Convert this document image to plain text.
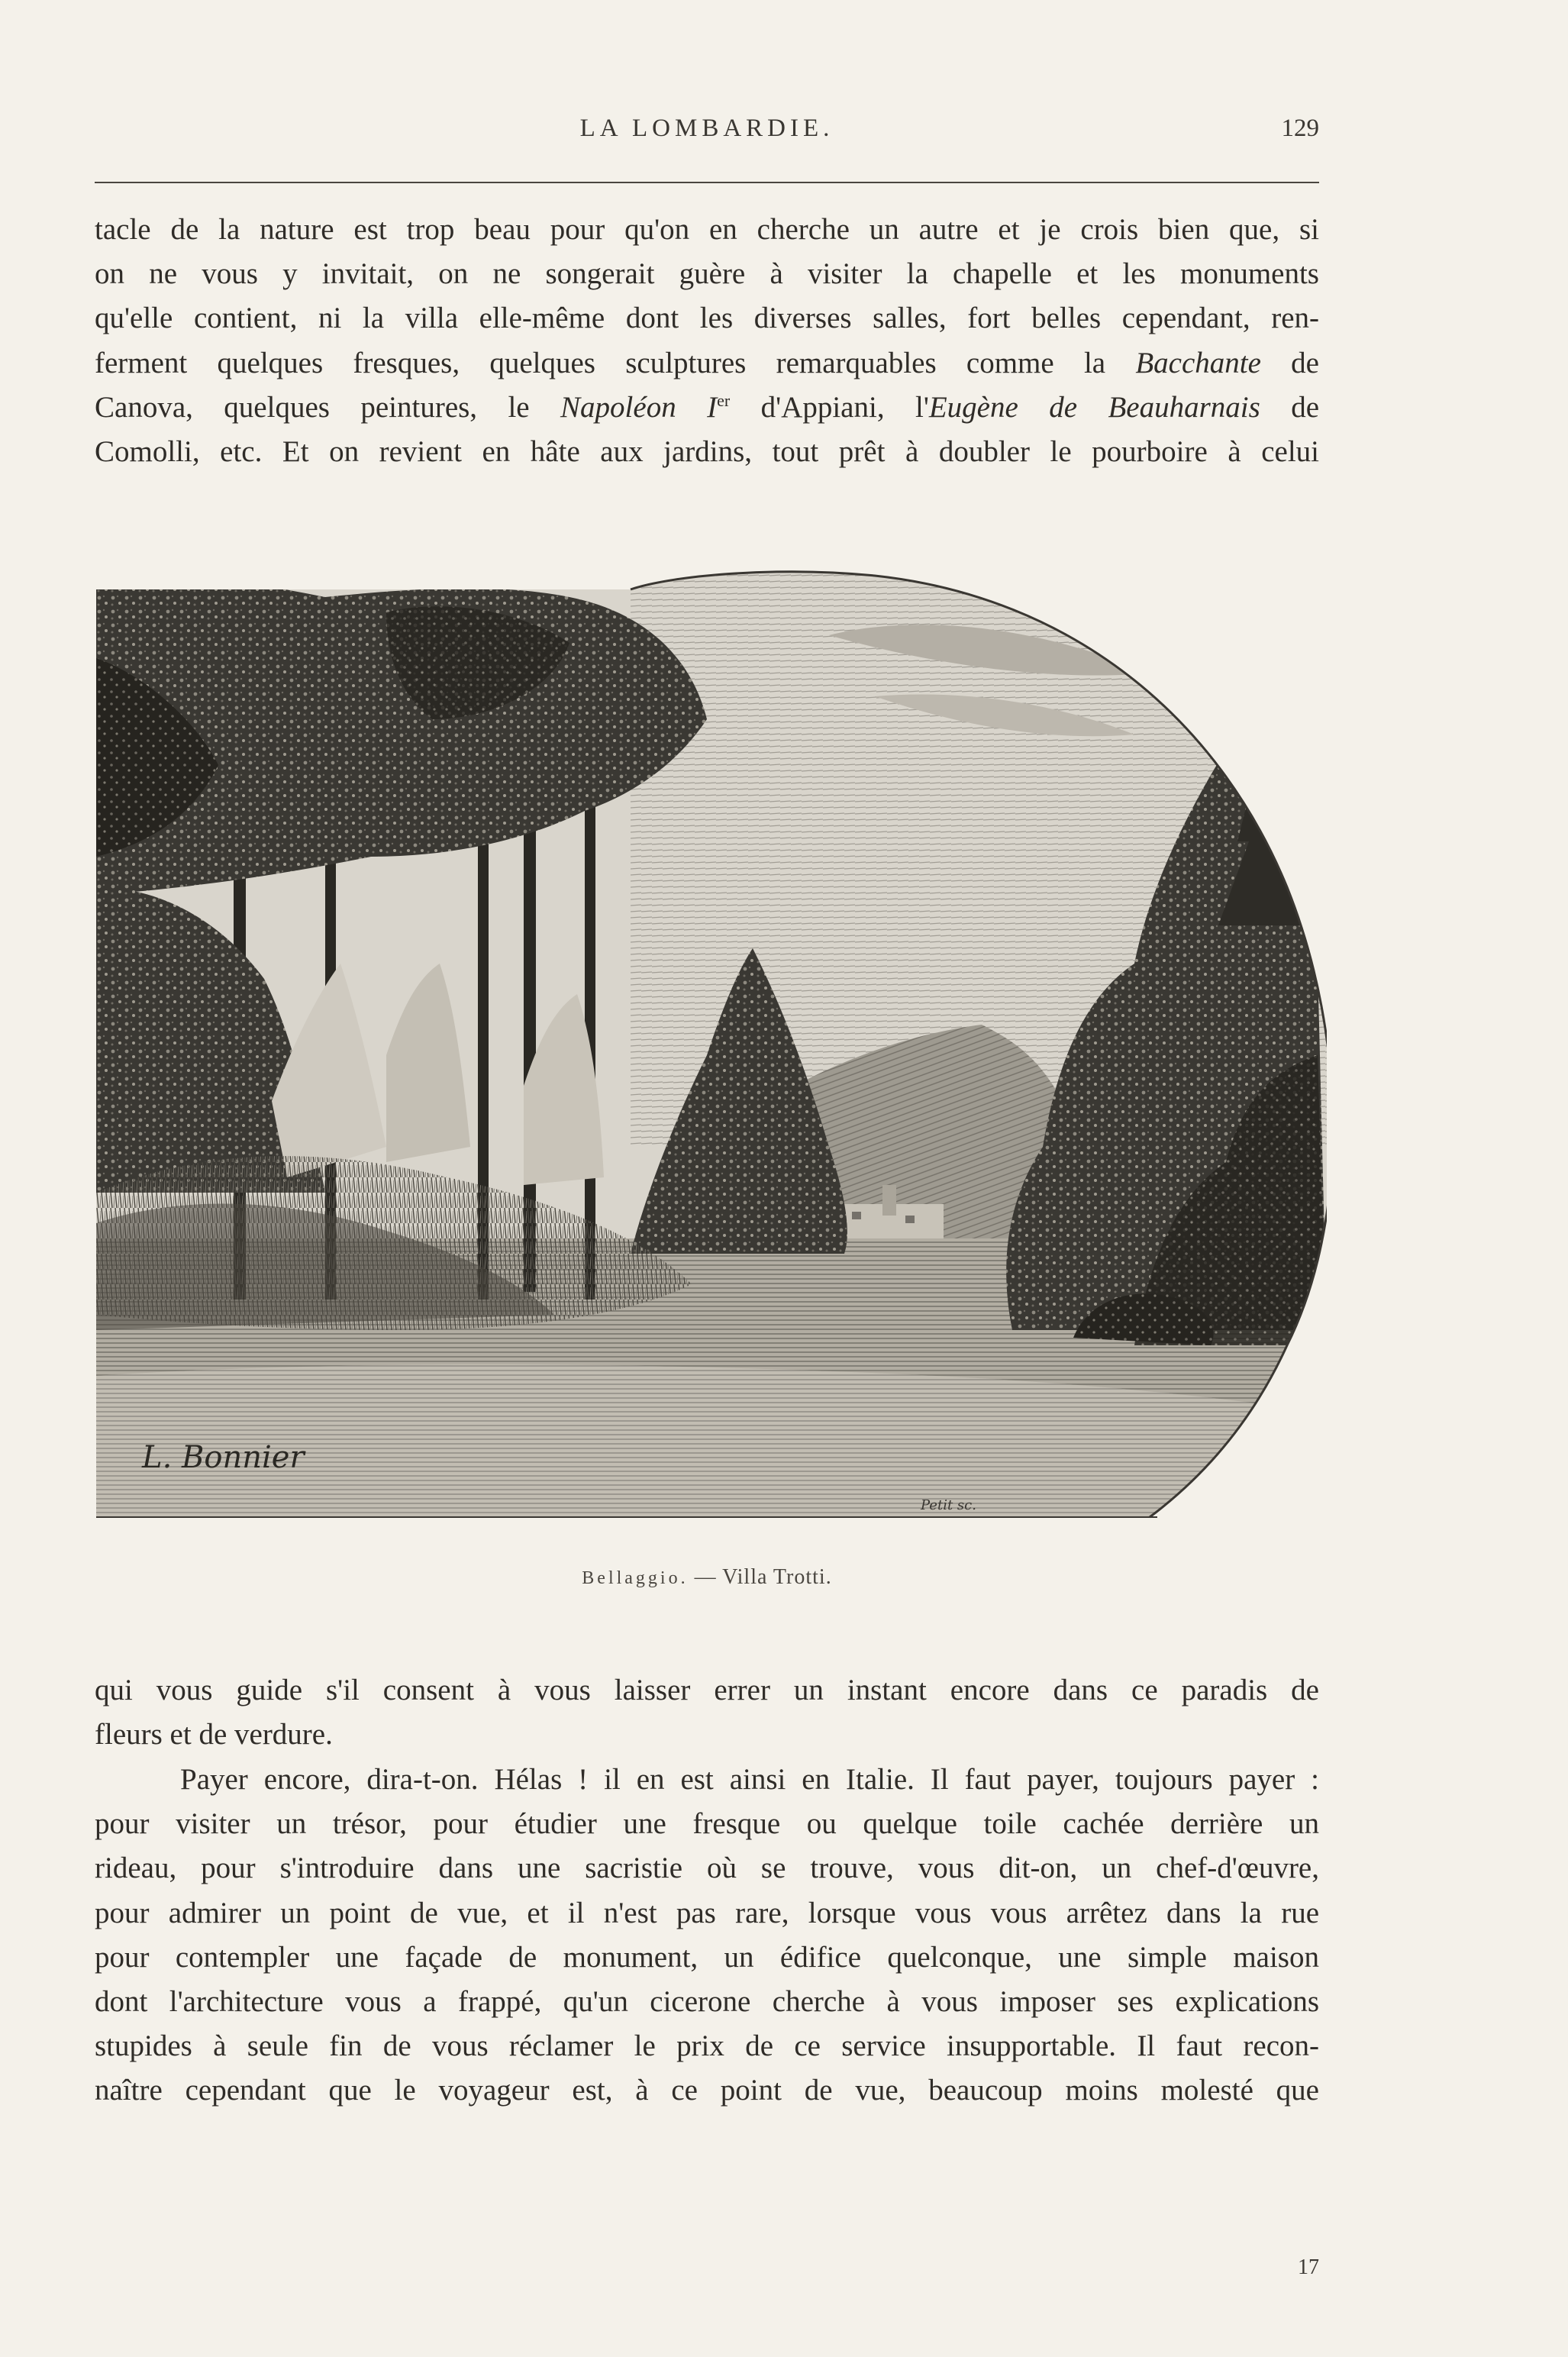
LA LOMBARDIE.	129
tacle de la nature est trop beau pour qu'on en cherche un autre et je crois bien que, si
on ne vous y invitait, on ne songerait guère à visiter la chapelle et les monuments
qu'elle contient, ni la villa elle-même dont les diverses salles, fort belles cependant, ren-
ferment quelques fresques, quelques sculptures remarquables comme la Bacchante de
Canova, quelques peintures, le Napoléon Ier d'Appiani, l'Eugène de Beauharnais de
Comolli, etc. Et on revient en hâte aux jardins, tout prêt à doubler le pourboire à celui
L. Bonnier
Petit sc.
Bellaggio. — Villa Trotti.
qui vous guide s'il consent à vous laisser errer un instant encore dans ce paradis de
fleurs et de verdure.
Payer encore, dira-t-on. Hélas ! il en est ainsi en Italie. Il faut payer, toujours payer :
pour visiter un trésor, pour étudier une fresque ou quelque toile cachée derrière un
rideau, pour s'introduire dans une sacristie où se trouve, vous dit-on, un chef-d'œuvre,
pour admirer un point de vue, et il n'est pas rare, lorsque vous vous arrêtez dans la rue
pour contempler une façade de monument, un édifice quelconque, une simple maison
dont l'architecture vous a frappé, qu'un cicerone cherche à vous imposer ses explications
stupides à seule fin de vous réclamer le prix de ce service insupportable. Il faut recon-
naître cependant que le voyageur est, à ce point de vue, beaucoup moins molesté que
17
